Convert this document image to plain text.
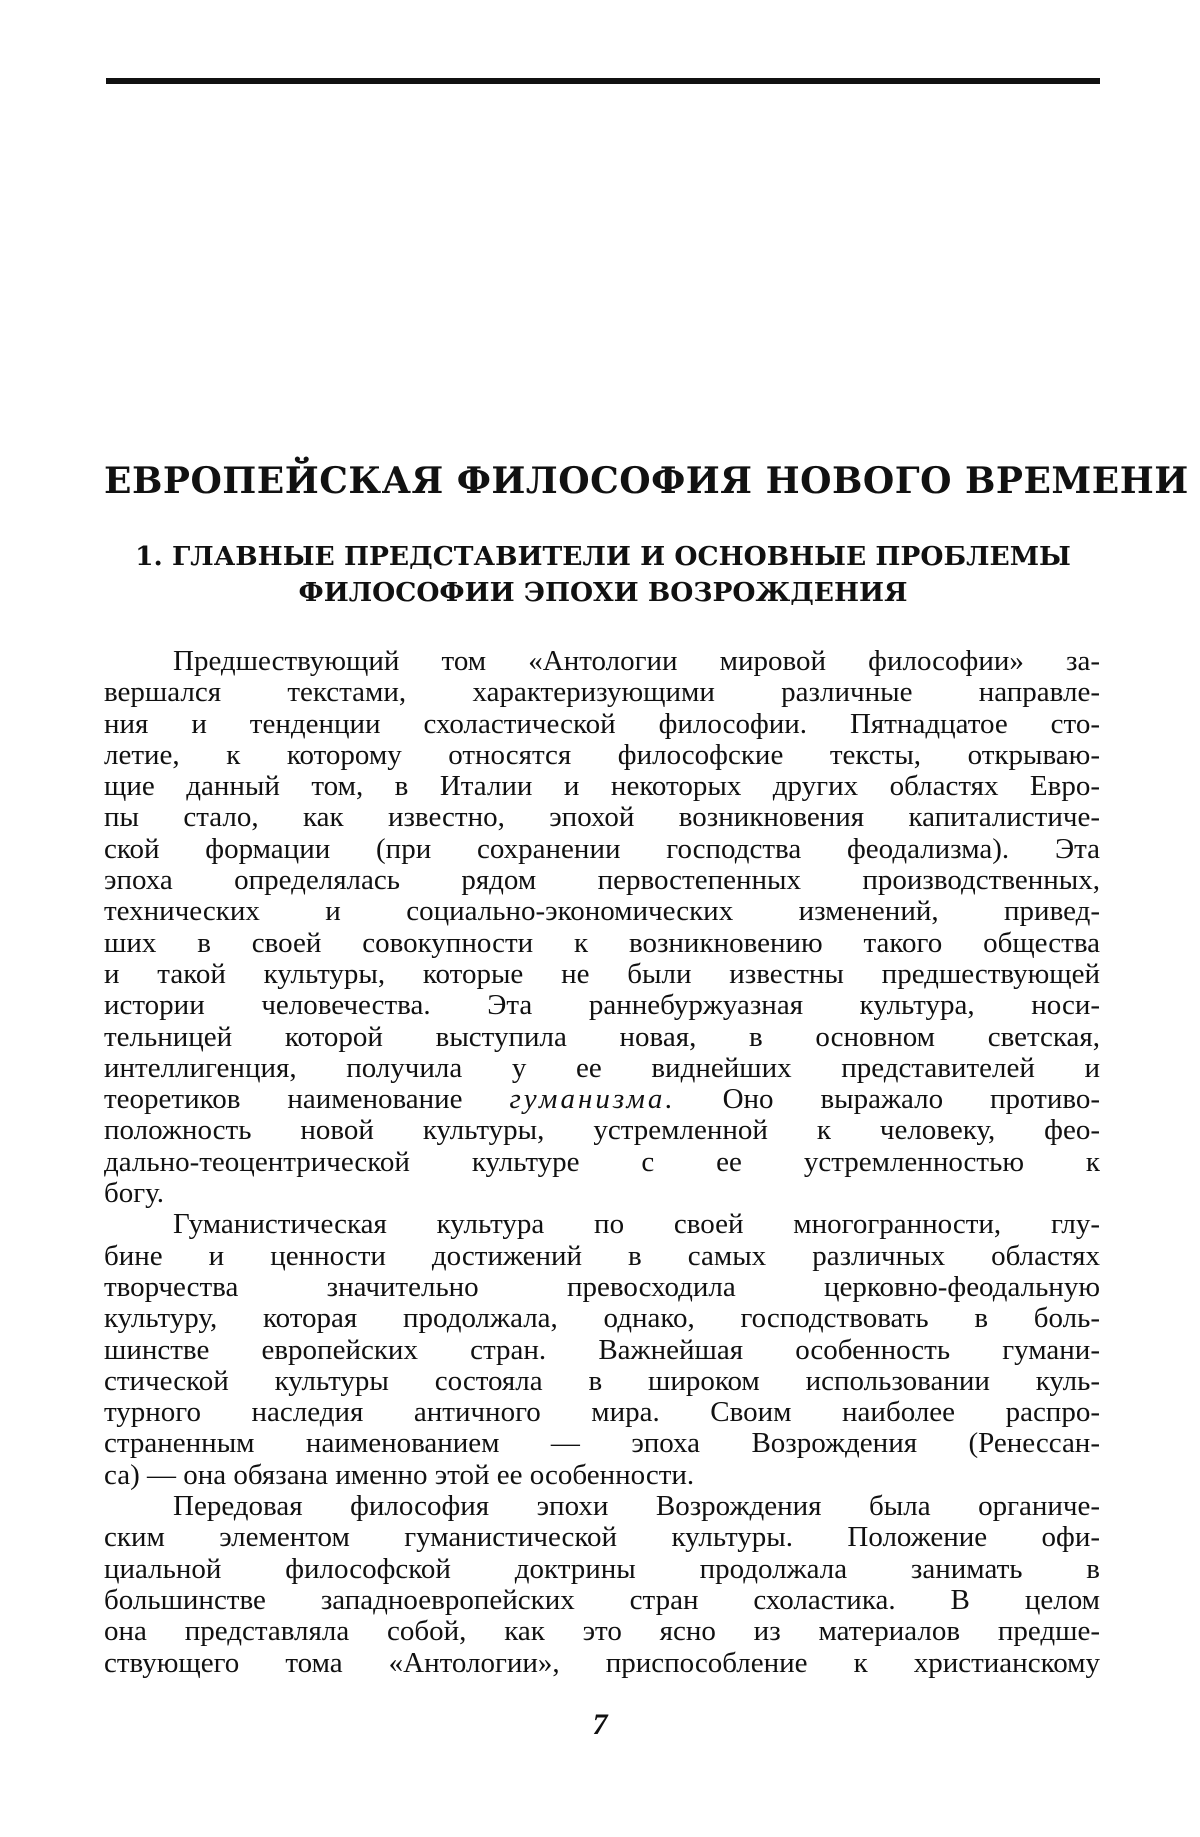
ЕВРОПЕЙСКАЯ ФИЛОСОФИЯ НОВОГО ВРЕМЕНИ
1. ГЛАВНЫЕ ПРЕДСТАВИТЕЛИ И ОСНОВНЫЕ ПРОБЛЕМЫ
ФИЛОСОФИИ ЭПОХИ ВОЗРОЖДЕНИЯ
Предшествующий том «Антологии мировой философии» за-
вершался текстами, характеризующими различные направле-
ния и тенденции схоластической философии. Пятнадцатое сто-
летие, к которому относятся философские тексты, открываю-
щие данный том, в Италии и некоторых других областях Евро-
пы стало, как известно, эпохой возникновения капиталистиче-
ской формации (при сохранении господства феодализма). Эта
эпоха определялась рядом первостепенных производственных,
технических и социально-экономических изменений, привед-
ших в своей совокупности к возникновению такого общества
и такой культуры, которые не были известны предшествующей
истории человечества. Эта раннебуржуазная культура, носи-
тельницей которой выступила новая, в основном светская,
интеллигенция, получила у ее виднейших представителей и
теоретиков наименование гуманизма. Оно выражало противо-
положность новой культуры, устремленной к человеку, фео-
дально-теоцентрической культуре с ее устремленностью к
богу.
Гуманистическая культура по своей многогранности, глу-
бине и ценности достижений в самых различных областях
творчества значительно превосходила церковно-феодальную
культуру, которая продолжала, однако, господствовать в боль-
шинстве европейских стран. Важнейшая особенность гумани-
стической культуры состояла в широком использовании куль-
турного наследия античного мира. Своим наиболее распро-
страненным наименованием — эпоха Возрождения (Ренессан-
са) — она обязана именно этой ее особенности.
Передовая философия эпохи Возрождения была органиче-
ским элементом гуманистической культуры. Положение офи-
циальной философской доктрины продолжала занимать в
большинстве западноевропейских стран схоластика. В целом
она представляла собой, как это ясно из материалов предше-
ствующего тома «Антологии», приспособление к христианскому
7
